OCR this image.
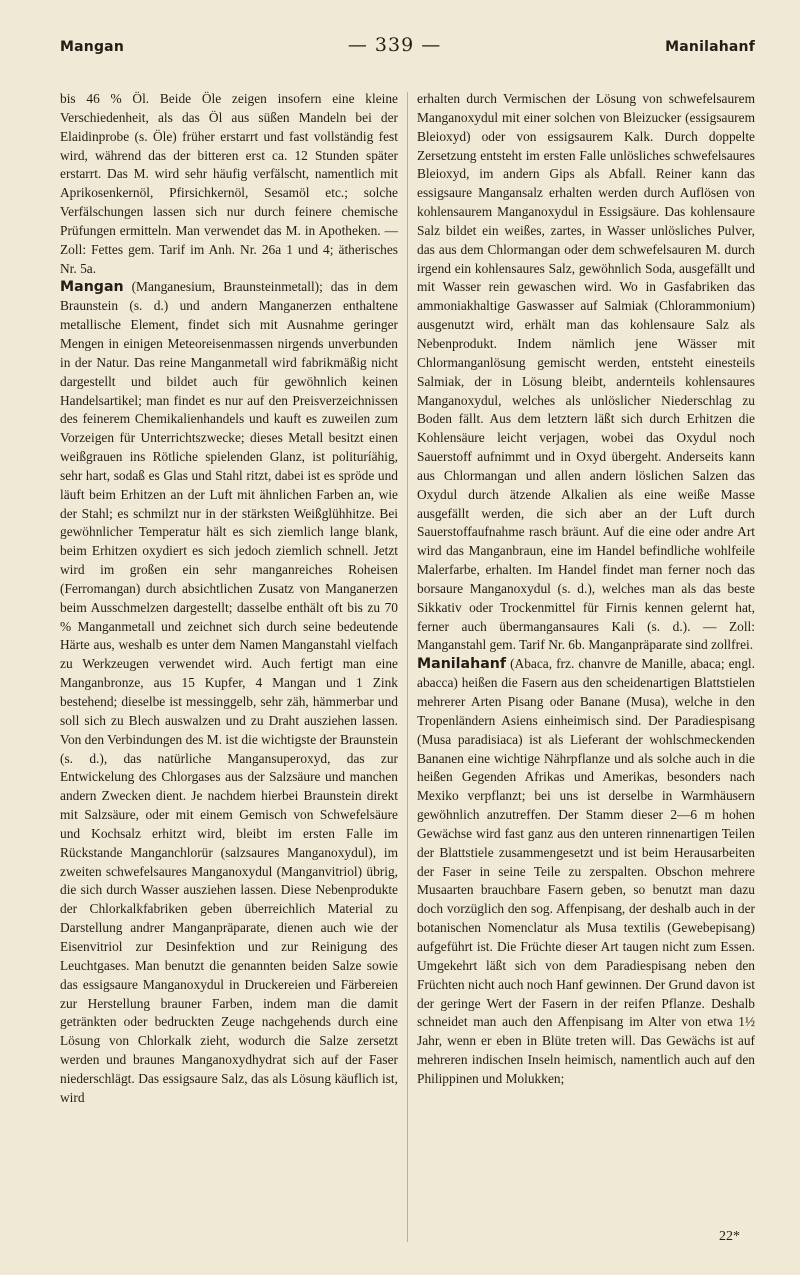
Mangan	— 339 —	Manilahanf

bis 46 % Öl. Beide Öle zeigen insofern eine kleine Verschiedenheit, als das Öl aus süßen Mandeln bei der Elaidinprobe (s. Öle) früher erstarrt und fast vollständig fest wird, während das der bitteren erst ca. 12 Stunden später erstarrt. Das M. wird sehr häufig verfälscht, namentlich mit Aprikosenkernöl, Pfirsichkernöl, Sesamöl etc.; solche Verfälschungen lassen sich nur durch feinere chemische Prüfungen ermitteln. Man verwendet das M. in Apotheken. — Zoll: Fettes gem. Tarif im Anh. Nr. 26a 1 und 4; ätherisches Nr. 5a.

Mangan (Manganesium, Braunsteinmetall); das in dem Braunstein (s. d.) und andern Manganerzen enthaltene metallische Element, findet sich mit Ausnahme geringer Mengen in einigen Meteoreisenmassen nirgends unverbunden in der Natur. Das reine Manganmetall wird fabrikmäßig nicht dargestellt und bildet auch für gewöhnlich keinen Handelsartikel; man findet es nur auf den Preisverzeichnissen des feinerem Chemikalienhandels und kauft es zuweilen zum Vorzeigen für Unterrichtszwecke; dieses Metall besitzt einen weißgrauen ins Rötliche spielenden Glanz, ist polituríähig, sehr hart, sodaß es Glas und Stahl ritzt, dabei ist es spröde und läuft beim Erhitzen an der Luft mit ähnlichen Farben an, wie der Stahl; es schmilzt nur in der stärksten Weißglühhitze. Bei gewöhnlicher Temperatur hält es sich ziemlich lange blank, beim Erhitzen oxydiert es sich jedoch ziemlich schnell. Jetzt wird im großen ein sehr manganreiches Roheisen (Ferromangan) durch absichtlichen Zusatz von Manganerzen beim Ausschmelzen dargestellt; dasselbe enthält oft bis zu 70 % Manganmetall und zeichnet sich durch seine bedeutende Härte aus, weshalb es unter dem Namen Manganstahl vielfach zu Werkzeugen verwendet wird. Auch fertigt man eine Manganbronze, aus 15 Kupfer, 4 Mangan und 1 Zink bestehend; dieselbe ist messinggelb, sehr zäh, hämmerbar und soll sich zu Blech auswalzen und zu Draht ausziehen lassen. Von den Verbindungen des M. ist die wichtigste der Braunstein (s. d.), das natürliche Mangansuperoxyd, das zur Entwickelung des Chlorgases aus der Salzsäure und manchen andern Zwecken dient. Je nachdem hierbei Braunstein direkt mit Salzsäure, oder mit einem Gemisch von Schwefelsäure und Kochsalz erhitzt wird, bleibt im ersten Falle im Rückstande Manganchlorür (salzsaures Manganoxydul), im zweiten schwefelsaures Manganoxydul (Manganvitriol) übrig, die sich durch Wasser ausziehen lassen. Diese Nebenprodukte der Chlorkalkfabriken geben überreichlich Material zu Darstellung andrer Manganpräparate, dienen auch wie der Eisenvitriol zur Desinfektion und zur Reinigung des Leuchtgases. Man benutzt die genannten beiden Salze sowie das essigsaure Manganoxydul in Druckereien und Färbereien zur Herstellung brauner Farben, indem man die damit getränkten oder bedruckten Zeuge nachgehends durch eine Lösung von Chlorkalk zieht, wodurch die Salze zersetzt werden und braunes Manganoxydhydrat sich auf der Faser niederschlägt. Das essigsaure Salz, das als Lösung käuflich ist, wird

erhalten durch Vermischen der Lösung von schwefelsaurem Manganoxydul mit einer solchen von Bleizucker (essigsaurem Bleioxyd) oder von essigsaurem Kalk. Durch doppelte Zersetzung entsteht im ersten Falle unlösliches schwefelsaures Bleioxyd, im andern Gips als Abfall. Reiner kann das essigsaure Mangansalz erhalten werden durch Auflösen von kohlensaurem Manganoxydul in Essigsäure. Das kohlensaure Salz bildet ein weißes, zartes, in Wasser unlösliches Pulver, das aus dem Chlormangan oder dem schwefelsauren M. durch irgend ein kohlensaures Salz, gewöhnlich Soda, ausgefällt und mit Wasser rein gewaschen wird. Wo in Gasfabriken das ammoniakhaltige Gaswasser auf Salmiak (Chlorammonium) ausgenutzt wird, erhält man das kohlensaure Salz als Nebenprodukt. Indem nämlich jene Wässer mit Chlormanganlösung gemischt werden, entsteht einesteils Salmiak, der in Lösung bleibt, andernteils kohlensaures Manganoxydul, welches als unlöslicher Niederschlag zu Boden fällt. Aus dem letztern läßt sich durch Erhitzen die Kohlensäure leicht verjagen, wobei das Oxydul noch Sauerstoff aufnimmt und in Oxyd übergeht. Anderseits kann aus Chlormangan und allen andern löslichen Salzen das Oxydul durch ätzende Alkalien als eine weiße Masse ausgefällt werden, die sich aber an der Luft durch Sauerstoffaufnahme rasch bräunt. Auf die eine oder andre Art wird das Manganbraun, eine im Handel befindliche wohlfeile Malerfarbe, erhalten. Im Handel findet man ferner noch das borsaure Manganoxydul (s. d.), welches man als das beste Sikkativ oder Trockenmittel für Firnis kennen gelernt hat, ferner auch übermangansaures Kali (s. d.). — Zoll: Manganstahl gem. Tarif Nr. 6b. Manganpräparate sind zollfrei.

Manilahanf (Abaca, frz. chanvre de Manille, abaca; engl. abacca) heißen die Fasern aus den scheidenartigen Blattstielen mehrerer Arten Pisang oder Banane (Musa), welche in den Tropenländern Asiens einheimisch sind. Der Paradiespisang (Musa paradisiaca) ist als Lieferant der wohlschmeckenden Bananen eine wichtige Nährpflanze und als solche auch in die heißen Gegenden Afrikas und Amerikas, besonders nach Mexiko verpflanzt; bei uns ist derselbe in Warmhäusern gewöhnlich anzutreffen. Der Stamm dieser 2—6 m hohen Gewächse wird fast ganz aus den unteren rinnenartigen Teilen der Blattstiele zusammengesetzt und ist beim Herausarbeiten der Faser in seine Teile zu zerspalten. Obschon mehrere Musaarten brauchbare Fasern geben, so benutzt man dazu doch vorzüglich den sog. Affenpisang, der deshalb auch in der botanischen Nomenclatur als Musa textilis (Gewebepisang) aufgeführt ist. Die Früchte dieser Art taugen nicht zum Essen. Umgekehrt läßt sich von dem Paradiespisang neben den Früchten nicht auch noch Hanf gewinnen. Der Grund davon ist der geringe Wert der Fasern in der reifen Pflanze. Deshalb schneidet man auch den Affenpisang im Alter von etwa 1½ Jahr, wenn er eben in Blüte treten will. Das Gewächs ist auf mehreren indischen Inseln heimisch, namentlich auch auf den Philippinen und Molukken;

22*
